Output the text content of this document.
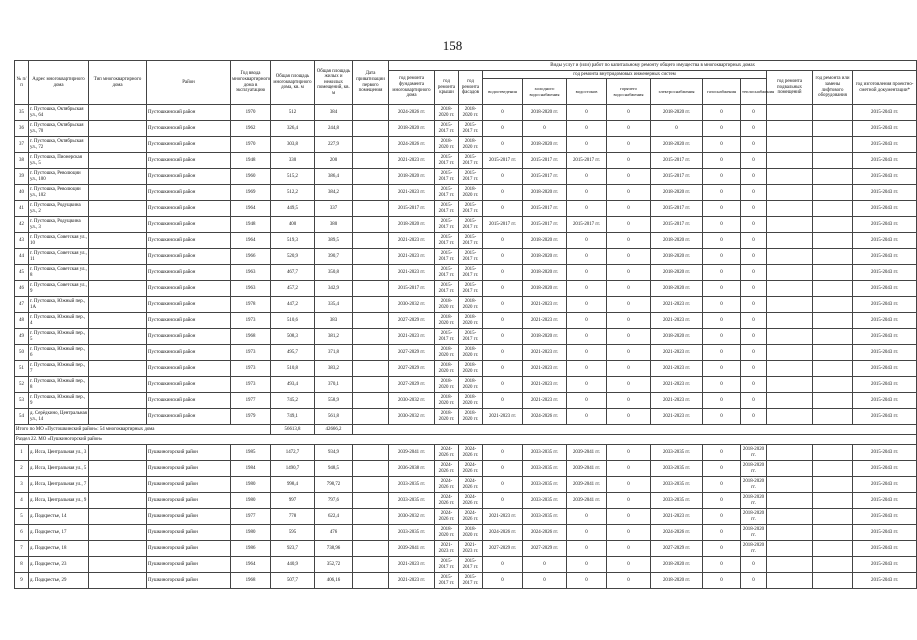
158
№ п/п	Адрес многоквартирного дома	Тип многоквартирного дома	Район	Год ввода многоквартирного дома в эксплуатацию	Общая площадь многоквартирного дома, кв. м	Общая площадь жилых и нежилых помещений, кв. м	Дата приватизации первого помещения	Виды услуг и (или) работ по капитальному ремонту общего имущества в многоквартирных домах												
								год ремонта фундамента многоквартирного дома	год ремонта крыши	год ремонта фасадов	год ремонта внутридомовых инженерных систем							год ремонта подвальных помещений	год ремонта или замены лифтового оборудования	год изготовления проектно-сметной документации*
											водоотведения	холодного водоснабжения	водостоков	горячего водоснабжения	электроснабжения	газоснабжения	теплоснабжения			
35	г. Пустошка, Октябрьская ул., 64		Пустошкинский район	1970	512	384		2024-2026 гг.	2018-2020 гг.	2018-2020 гг.	0	2018-2020 гг.	0	0	2018-2020 гг.	0	0			2015-2043 гг.
36	г. Пустошка, Октябрьская ул., 70		Пустошкинский район	1962	326,4	244,8		2018-2020 гг.	2015-2017 гг.	2015-2017 гг.	0	0	0	0	0	0	0			2015-2043 гг.
37	г. Пустошка, Октябрьская ул., 72		Пустошкинский район	1970	303,8	227,9		2024-2026 гг.	2018-2020 гг.	2018-2020 гг.	0	2018-2020 гг.	0	0	2018-2020 гг.	0	0			2015-2043 гг.
38	г. Пустошка, Пионерская ул., 5		Пустошкинский район	1948	330	200		2021-2023 гг.	2015-2017 гг.	2015-2017 гг.	2015-2017 гг.	2015-2017 гг.	2015-2017 гг.	0	2015-2017 гг.	0	0			2015-2043 гг.
39	г. Пустошка, Революции ул., 100		Пустошкинский район	1960	515,2	386,4		2018-2020 гг.	2015-2017 гг.	2015-2017 гг.	0	2015-2017 гг.	0	0	2015-2017 гг.	0	0			2015-2043 гг.
40	г. Пустошка, Революции ул., 102		Пустошкинский район	1969	512,2	384,2		2021-2023 гг.	2015-2017 гг.	2018-2020 гг.	0	2018-2020 гг.	0	0	2018-2020 гг.	0	0			2015-2043 гг.
41	г. Пустошка, Родущкина ул., 2		Пустошкинский район	1964	449,5	337		2015-2017 гг.	2015-2017 гг.	2015-2017 гг.	0	2015-2017 гг.	0	0	2015-2017 гг.	0	0			2015-2043 гг.
42	г. Пустошка, Родущкина ул., 3		Пустошкинский район	1948	400	380		2018-2020 гг.	2015-2017 гг.	2015-2017 гг.	2015-2017 гг.	2015-2017 гг.	2015-2017 гг.	0	2015-2017 гг.	0	0			2015-2043 гг.
43	г. Пустошка, Советская ул., 10		Пустошкинский район	1964	519,3	389,5		2021-2023 гг.	2015-2017 гг.	2015-2017 гг.	0	2018-2020 гг.	0	0	2018-2020 гг.	0	0			2015-2043 гг.
44	г. Пустошка, Советская ул., 11		Пустошкинский район	1966	520,9	390,7		2021-2023 гг.	2015-2017 гг.	2015-2017 гг.	0	2018-2020 гг.	0	0	2018-2020 гг.	0	0			2015-2043 гг.
45	г. Пустошка, Советская ул., 8		Пустошкинский район	1963	467,7	350,8		2021-2023 гг.	2015-2017 гг.	2015-2017 гг.	0	2018-2020 гг.	0	0	2018-2020 гг.	0	0			2015-2043 гг.
46	г. Пустошка, Советская ул., 9		Пустошкинский район	1963	457,2	342,9		2015-2017 гг.	2015-2017 гг.	2015-2017 гг.	0	2018-2020 гг.	0	0	2018-2020 гг.	0	0			2015-2043 гг.
47	г. Пустошка, Южный пер., 1А		Пустошкинский район	1978	447,2	335,4		2030-2032 гг.	2018-2020 гг.	2018-2020 гг.	0	2021-2023 гг.	0	0	2021-2023 гг.	0	0			2015-2043 гг.
48	г. Пустошка, Южный пер., 4		Пустошкинский район	1973	510,6	383		2027-2029 гг.	2018-2020 гг.	2018-2020 гг.	0	2021-2023 гг.	0	0	2021-2023 гг.	0	0			2015-2043 гг.
49	г. Пустошка, Южный пер., 5		Пустошкинский район	1968	508,3	381,2		2021-2023 гг.	2015-2017 гг.	2015-2017 гг.	0	2018-2020 гг.	0	0	2018-2020 гг.	0	0			2015-2043 гг.
50	г. Пустошка, Южный пер., 6		Пустошкинский район	1973	495,7	371,8		2027-2029 гг.	2018-2020 гг.	2018-2020 гг.	0	2021-2023 гг.	0	0	2021-2023 гг.	0	0			2015-2043 гг.
51	г. Пустошка, Южный пер., 7		Пустошкинский район	1973	510,8	383,2		2027-2029 гг.	2018-2020 гг.	2018-2020 гг.	0	2021-2023 гг.	0	0	2021-2023 гг.	0	0			2015-2043 гг.
52	г. Пустошка, Южный пер., 8		Пустошкинский район	1973	493,4	370,1		2027-2029 гг.	2018-2020 гг.	2018-2020 гг.	0	2021-2023 гг.	0	0	2021-2023 гг.	0	0			2015-2043 гг.
53	г. Пустошка, Южный пер., 9		Пустошкинский район	1977	745,2	558,9		2030-2032 гг.	2018-2020 гг.	2018-2020 гг.	0	2021-2023 гг.	0	0	2021-2023 гг.	0	0			2015-2043 гг.
54	д. Серёдкино, Центральная ул., 14		Пустошкинский район	1979	749,1	561,8		2030-2032 гг.	2018-2020 гг.	2018-2020 гг.	2021-2023 гг.	2024-2026 гг.	0	0	2021-2023 гг.	0	0			2015-2043 гг.
Итого по МО «Пустошкинский район»: 54 многоквартирных дома					56613,8	42666,2														
Раздел 22. МО «Пушкиногорский район»																				
1	д. Исса, Центральная ул., 3		Пушкиногорский район	1985	1472,7	934,9		2039-2041 гг.	2024-2026 гг.	2024-2026 гг.	0	2033-2035 гг.	2039-2041 гг.	0	2033-2035 гг.	0	2018-2020 гг.			2015-2043 гг.
2	д. Исса, Центральная ул., 5		Пушкиногорский район	1984	1490,7	948,5		2036-2038 гг.	2024-2026 гг.	2024-2026 гг.	0	2033-2035 гг.	2039-2041 гг.	0	2033-2035 гг.	0	2018-2020 гг.			2015-2043 гг.
3	д. Исса, Центральная ул., 7		Пушкиногорский район	1980	998,4	798,72		2033-2035 гг.	2024-2026 гг.	2024-2026 гг.	0	2033-2035 гг.	2039-2041 гг.	0	2033-2035 гг.	0	2018-2020 гг.			2015-2043 гг.
4	д. Исса, Центральная ул., 9		Пушкиногорский район	1980	997	797,6		2033-2035 гг.	2024-2026 гг.	2024-2026 гг.	0	2033-2035 гг.	2039-2041 гг.	0	2033-2035 гг.	0	2018-2020 гг.			2015-2043 гг.
5	д. Подкрестье, 14		Пушкиногорский район	1977	778	622,4		2030-2032 гг.	2024-2026 гг.	2024-2026 гг.	2021-2023 гг.	2033-2035 гг.	0	0	2021-2023 гг.	0	2018-2020 гг.			2015-2043 гг.
6	д. Подкрестье, 17		Пушкиногорский район	1980	595	476		2033-2035 гг.	2018-2020 гг.	2018-2020 гг.	2024-2026 гг.	2024-2026 гг.	0	0	2024-2026 гг.	0	2018-2020 гг.			2015-2043 гг.
7	д. Подкрестье, 18		Пушкиногорский район	1986	923,7	738,96		2039-2041 гг.	2021-2023 гг.	2021-2023 гг.	2027-2029 гг.	2027-2029 гг.	0	0	2027-2029 гг.	0	2018-2020 гг.			2015-2043 гг.
8	д. Подкрестье, 23		Пушкиногорский район	1964	440,9	352,72		2021-2023 гг.	2015-2017 гг.	2015-2017 гг.	0	0	0	0	2018-2020 гг.	0	0			2015-2043 гг.
9	д. Подкрестье, 29		Пушкиногорский район	1968	507,7	406,16		2021-2023 гг.	2015-2017 гг.	2015-2017 гг.	0	0	0	0	2018-2020 гг.	0	0			2015-2043 гг.
